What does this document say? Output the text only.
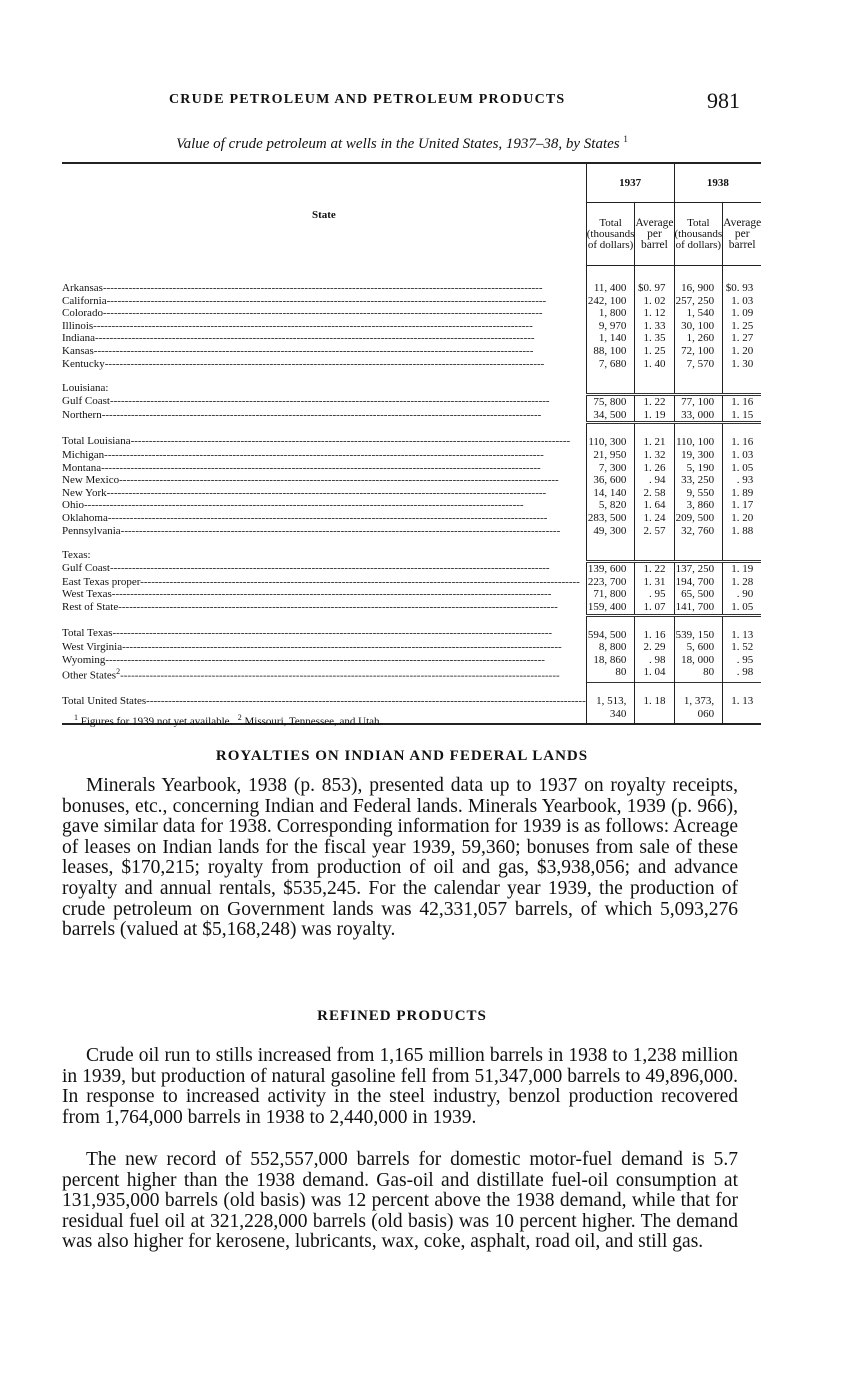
CRUDE PETROLEUM AND PETROLEUM PRODUCTS	981
Value of crude petroleum at wells in the United States, 1937–38, by States $^1$
State	1937		1938	
	Total (thousands of dollars)	Average per barrel	Total (thousands of dollars)	Average per barrel
Arkansas------------------------------------------------------------------------------------------------------------------------	11, 400	$0. 97	16, 900	$0. 93
California------------------------------------------------------------------------------------------------------------------------	242, 100	1. 02	257, 250	1. 03
Colorado------------------------------------------------------------------------------------------------------------------------	1, 800	1. 12	1, 540	1. 09
Illinois------------------------------------------------------------------------------------------------------------------------	9, 970	1. 33	30, 100	1. 25
Indiana------------------------------------------------------------------------------------------------------------------------	1, 140	1. 35	1, 260	1. 27
Kansas------------------------------------------------------------------------------------------------------------------------	88, 100	1. 25	72, 100	1. 20
Kentucky------------------------------------------------------------------------------------------------------------------------	7, 680	1. 40	7, 570	1. 30
Louisiana:				
Gulf Coast------------------------------------------------------------------------------------------------------------------------	75, 800	1. 22	77, 100	1. 16
Northern------------------------------------------------------------------------------------------------------------------------	34, 500	1. 19	33, 000	1. 15
Total Louisiana------------------------------------------------------------------------------------------------------------------------	110, 300	1. 21	110, 100	1. 16
Michigan------------------------------------------------------------------------------------------------------------------------	21, 950	1. 32	19, 300	1. 03
Montana------------------------------------------------------------------------------------------------------------------------	7, 300	1. 26	5, 190	1. 05
New Mexico------------------------------------------------------------------------------------------------------------------------	36, 600	. 94	33, 250	. 93
New York------------------------------------------------------------------------------------------------------------------------	14, 140	2. 58	9, 550	1. 89
Ohio------------------------------------------------------------------------------------------------------------------------	5, 820	1. 64	3, 860	1. 17
Oklahoma------------------------------------------------------------------------------------------------------------------------	283, 500	1. 24	209, 500	1. 20
Pennsylvania------------------------------------------------------------------------------------------------------------------------	49, 300	2. 57	32, 760	1. 88
Texas:				
Gulf Coast------------------------------------------------------------------------------------------------------------------------	139, 600	1. 22	137, 250	1. 19
East Texas proper------------------------------------------------------------------------------------------------------------------------	223, 700	1. 31	194, 700	1. 28
West Texas------------------------------------------------------------------------------------------------------------------------	71, 800	. 95	65, 500	. 90
Rest of State------------------------------------------------------------------------------------------------------------------------	159, 400	1. 07	141, 700	1. 05
Total Texas------------------------------------------------------------------------------------------------------------------------	594, 500	1. 16	539, 150	1. 13
West Virginia------------------------------------------------------------------------------------------------------------------------	8, 800	2. 29	5, 600	1. 52
Wyoming------------------------------------------------------------------------------------------------------------------------	18, 860	. 98	18, 000	. 95
Other States$^2$------------------------------------------------------------------------------------------------------------------------	80	1. 04	80	. 98
Total United States------------------------------------------------------------------------------------------------------------------------	1, 513, 340	1. 18	1, 373, 060	1. 13
$^1$ Figures for 1939 not yet available. $^2$ Missouri, Tennessee, and Utah.
ROYALTIES ON INDIAN AND FEDERAL LANDS

Minerals Yearbook, 1938 (p. 853), presented data up to 1937 on royalty receipts, bonuses, etc., concerning Indian and Federal lands. Minerals Yearbook, 1939 (p. 966), gave similar data for 1938. Corresponding information for 1939 is as follows: Acreage of leases on Indian lands for the fiscal year 1939, 59,360; bonuses from sale of these leases, $170,215; royalty from production of oil and gas, $3,938,056; and advance royalty and annual rentals, $535,245. For the calendar year 1939, the production of crude petroleum on Government lands was 42,331,057 barrels, of which 5,093,276 barrels (valued at $5,168,248) was royalty.

REFINED PRODUCTS

Crude oil run to stills increased from 1,165 million barrels in 1938 to 1,238 million in 1939, but production of natural gasoline fell from 51,347,000 barrels to 49,896,000. In response to increased activity in the steel industry, benzol production recovered from 1,764,000 barrels in 1938 to 2,440,000 in 1939.

The new record of 552,557,000 barrels for domestic motor-fuel demand is 5.7 percent higher than the 1938 demand. Gas-oil and distillate fuel-oil consumption at 131,935,000 barrels (old basis) was 12 percent above the 1938 demand, while that for residual fuel oil at 321,228,000 barrels (old basis) was 10 percent higher. The demand was also higher for kerosene, lubricants, wax, coke, asphalt, road oil, and still gas.
